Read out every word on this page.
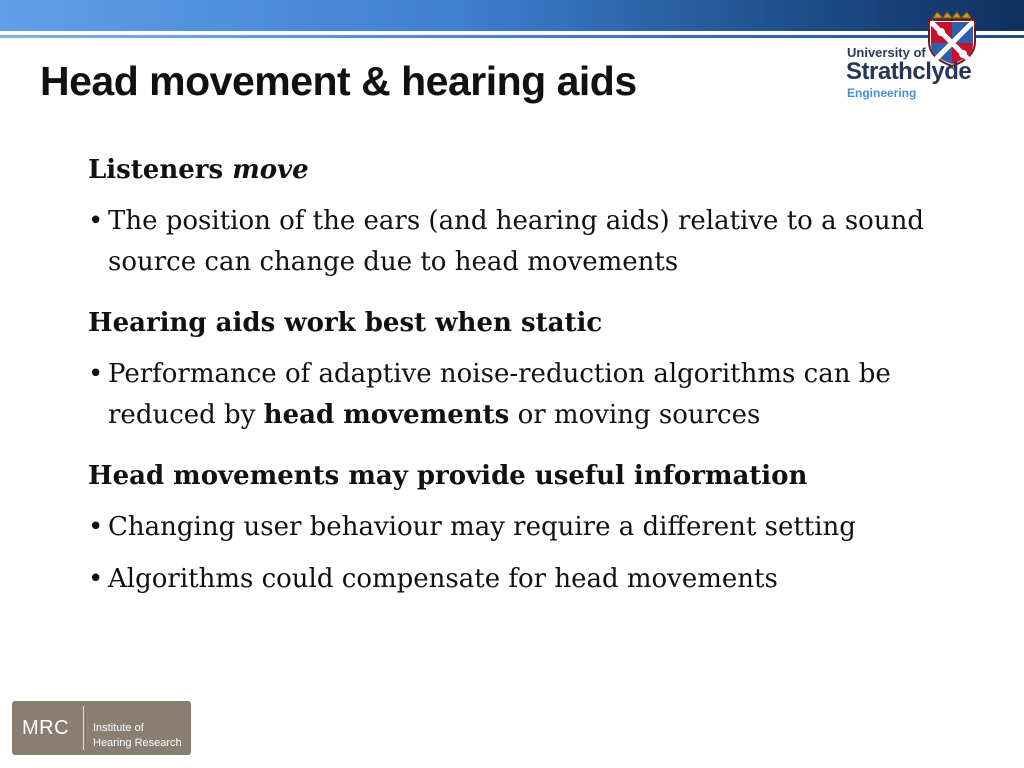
Head movement & hearing aids
University of
Strathclyde
Engineering

Listeners move

• The position of the ears (and hearing aids) relative to a sound source can change due to head movements

Hearing aids work best when static

• Performance of adaptive noise-reduction algorithms can be reduced by head movements or moving sources

Head movements may provide useful information

• Changing user behaviour may require a different setting
• Algorithms could compensate for head movements
MRC Institute of
Hearing Research
